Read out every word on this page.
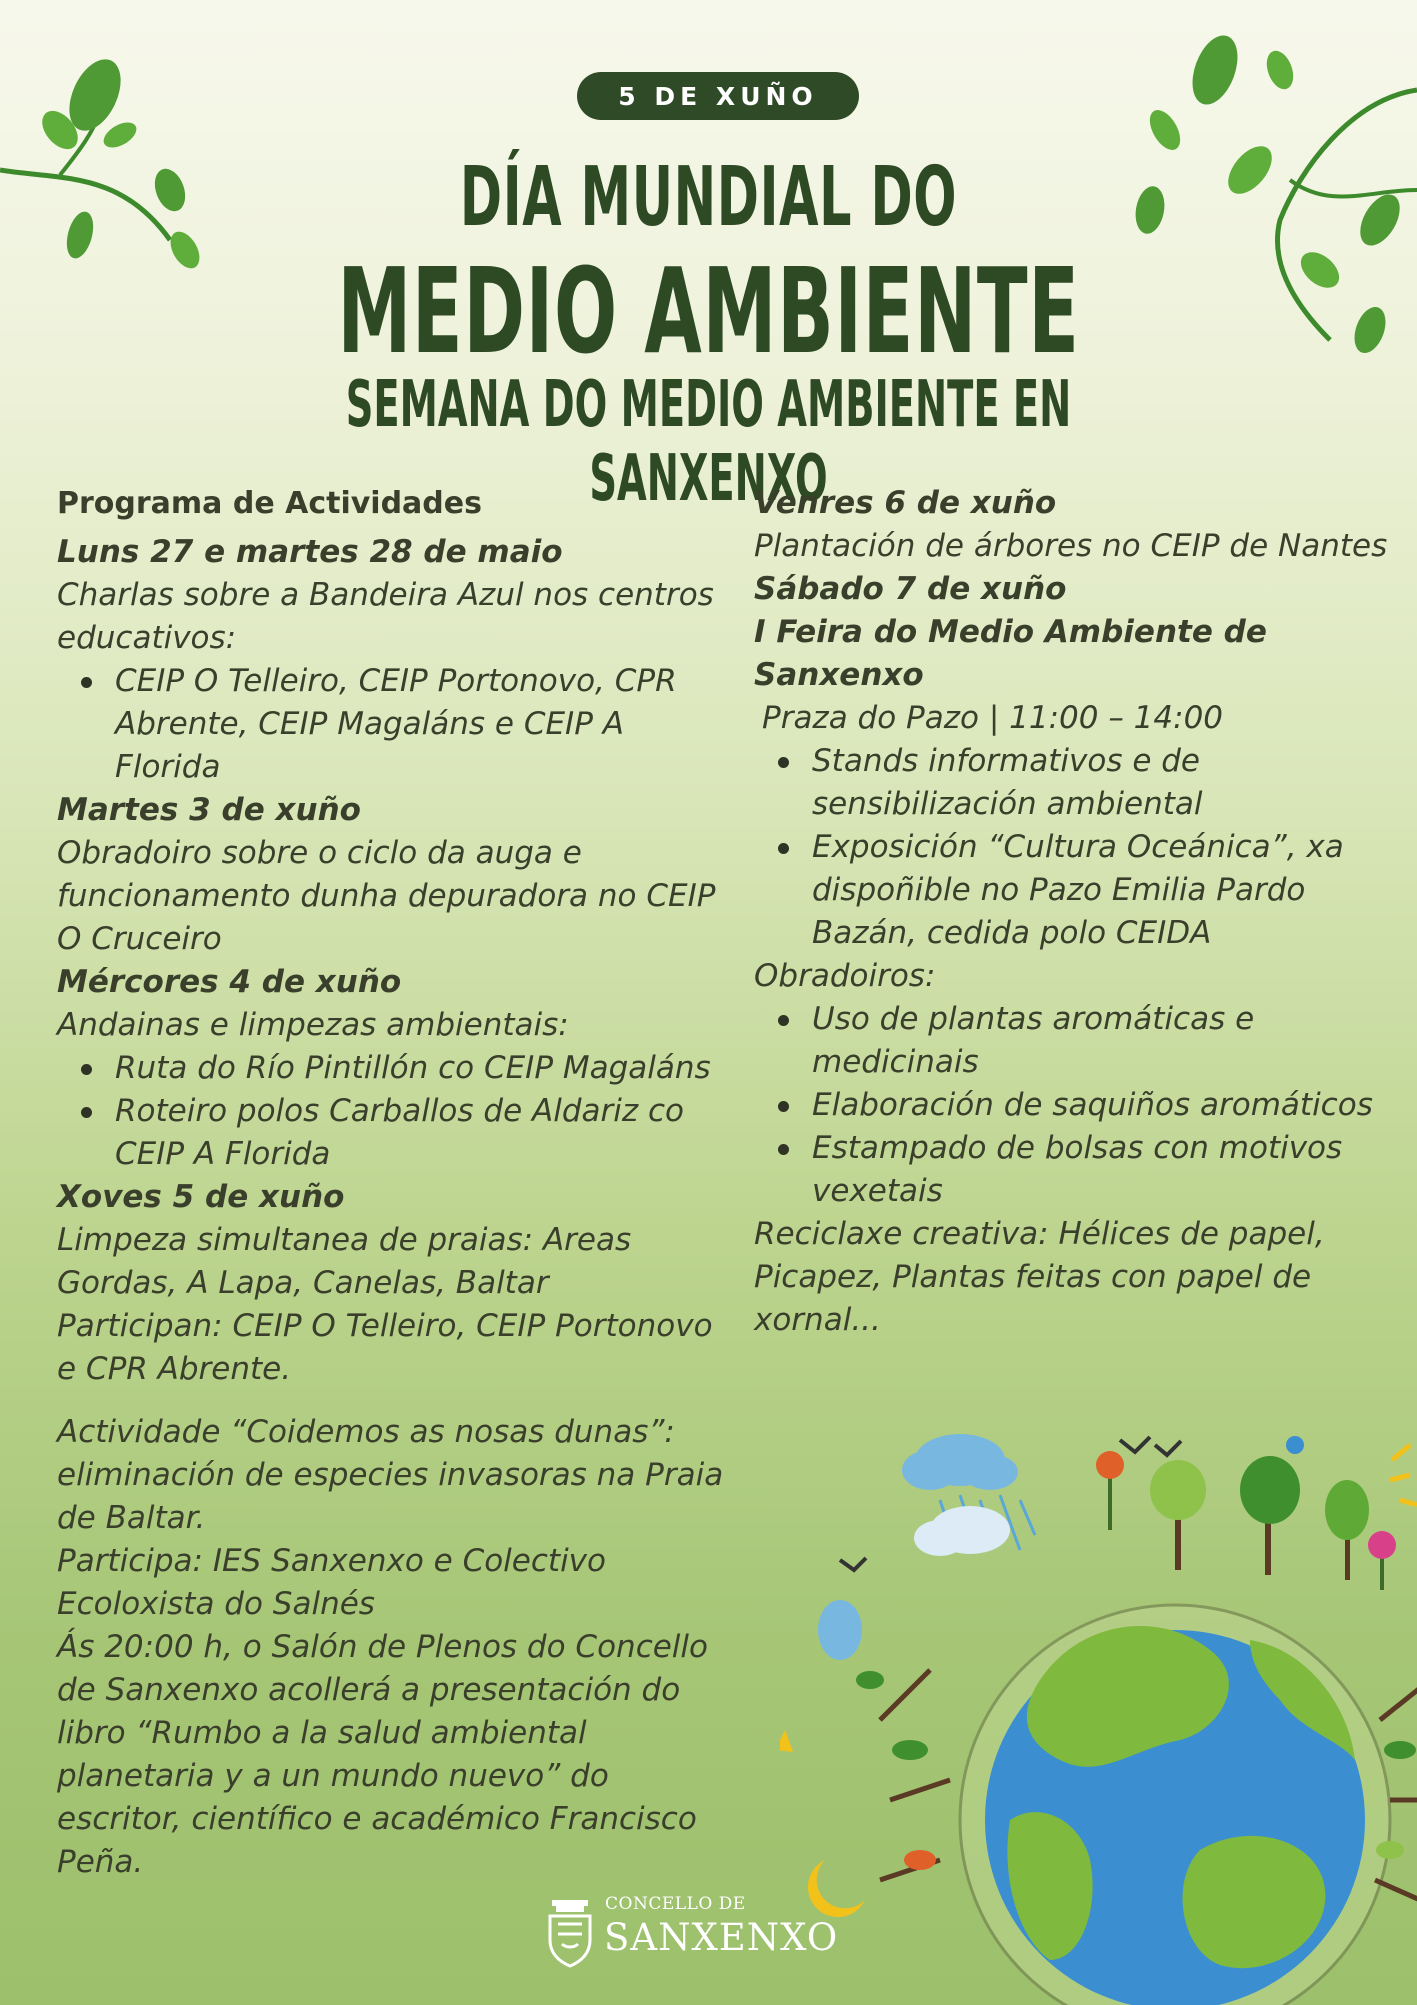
5 DE XUÑO
DÍA MUNDIAL DO
MEDIO AMBIENTE
SEMANA DO MEDIO AMBIENTE EN SANXENXO
Programa de Actividades
Luns 27 e martes 28 de maio
Charlas sobre a Bandeira Azul nos centros educativos:
CEIP O Telleiro, CEIP Portonovo, CPR Abrente, CEIP Magaláns e CEIP A Florida
Martes 3 de xuño
Obradoiro sobre o ciclo da auga e funcionamento dunha depuradora no CEIP O Cruceiro
Mércores 4 de xuño
Andainas e limpezas ambientais:
Ruta do Río Pintillón co CEIP Magaláns
Roteiro polos Carballos de Aldariz co CEIP A Florida
Xoves 5 de xuño
Limpeza simultanea de praias: Areas Gordas, A Lapa, Canelas, Baltar
Participan: CEIP O Telleiro, CEIP Portonovo e CPR Abrente.
Actividade “Coidemos as nosas dunas”: eliminación de especies invasoras na Praia de Baltar.
Participa: IES Sanxenxo e Colectivo Ecoloxista do Salnés
Ás 20:00 h, o Salón de Plenos do Concello de Sanxenxo acollerá a presentación do libro “Rumbo a la salud ambiental planetaria y a un mundo nuevo” do escritor, científico e académico Francisco Peña.
Venres 6 de xuño
Plantación de árbores no CEIP de Nantes
Sábado 7 de xuño
I Feira do Medio Ambiente de Sanxenxo
Praza do Pazo | 11:00 – 14:00
Stands informativos e de sensibilización ambiental
Exposición “Cultura Oceánica”, xa dispoñible no Pazo Emilia Pardo Bazán, cedida polo CEIDA
Obradoiros:
Uso de plantas aromáticas e medicinais
Elaboración de saquiños aromáticos
Estampado de bolsas con motivos vexetais
Reciclaxe creativa: Hélices de papel, Picapez, Plantas feitas con papel de xornal...
CONCELLO DE
SANXENXO
